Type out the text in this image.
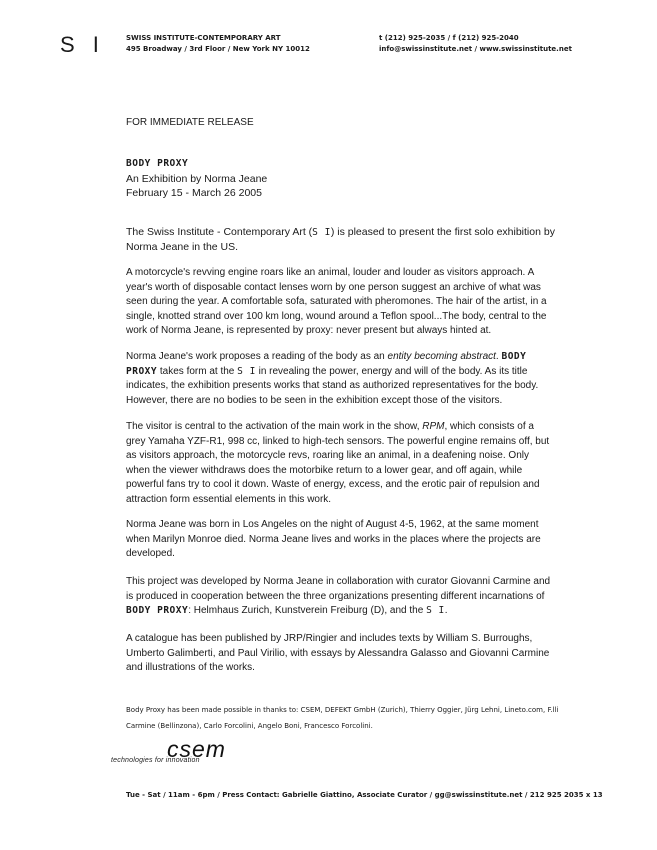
S I	SWISS INSTITUTE-CONTEMPORARY ART
495 Broadway / 3rd Floor / New York NY 10012
t (212) 925-2035 / f (212) 925-2040
info@swissinstitute.net / www.swissinstitute.net
FOR IMMEDIATE RELEASE
BODY PROXY
An Exhibition by Norma Jeane
February 15 - March 26 2005
The Swiss Institute - Contemporary Art (S I) is pleased to present the first solo exhibition by Norma Jeane in the US.
A motorcycle's revving engine roars like an animal, louder and louder as visitors approach. A year's worth of disposable contact lenses worn by one person suggest an archive of what was seen during the year. A comfortable sofa, saturated with pheromones. The hair of the artist, in a single, knotted strand over 100 km long, wound around a Teflon spool...The body, central to the work of Norma Jeane, is represented by proxy: never present but always hinted at.
Norma Jeane's work proposes a reading of the body as an entity becoming abstract. BODY PROXY takes form at the S I in revealing the power, energy and will of the body. As its title indicates, the exhibition presents works that stand as authorized representatives for the body. However, there are no bodies to be seen in the exhibition except those of the visitors.
The visitor is central to the activation of the main work in the show, RPM, which consists of a grey Yamaha YZF-R1, 998 cc, linked to high-tech sensors. The powerful engine remains off, but as visitors approach, the motorcycle revs, roaring like an animal, in a deafening noise. Only when the viewer withdraws does the motorbike return to a lower gear, and off again, while powerful fans try to cool it down. Waste of energy, excess, and the erotic pair of repulsion and attraction form essential elements in this work.
Norma Jeane was born in Los Angeles on the night of August 4-5, 1962, at the same moment when Marilyn Monroe died. Norma Jeane lives and works in the places where the projects are developed.
This project was developed by Norma Jeane in collaboration with curator Giovanni Carmine and is produced in cooperation between the three organizations presenting different incarnations of BODY PROXY: Helmhaus Zurich, Kunstverein Freiburg (D), and the S I.
A catalogue has been published by JRP/Ringier and includes texts by William S. Burroughs, Umberto Galimberti, and Paul Virilio, with essays by Alessandra Galasso and Giovanni Carmine and illustrations of the works.
Body Proxy has been made possible in thanks to: CSEM, DEFEKT GmbH (Zurich), Thierry Oggier, Jürg Lehni, Lineto.com, F.lli Carmine (Bellinzona), Carlo Forcolini, Angelo Boni, Francesco Forcolini.
csem
technologies for innovation
Tue - Sat / 11am - 6pm / Press Contact: Gabrielle Giattino, Associate Curator / gg@swissinstitute.net / 212 925 2035 x 13
